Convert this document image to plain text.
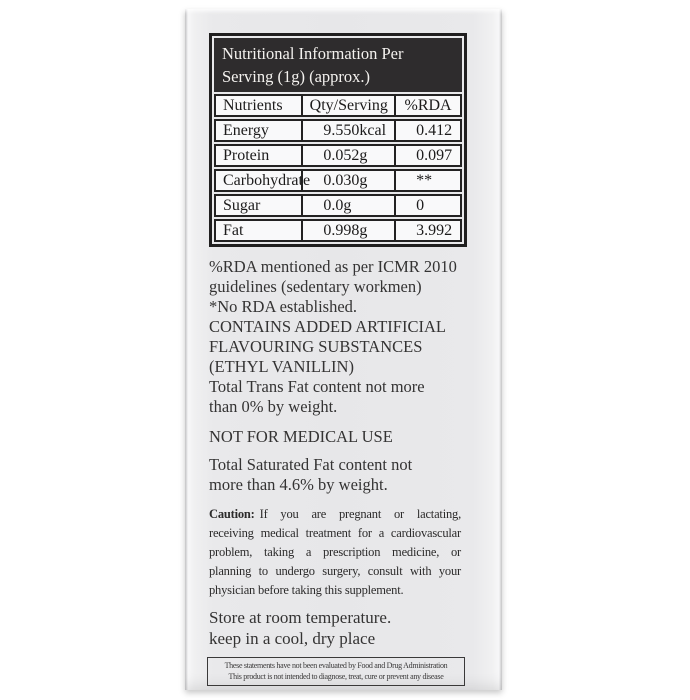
Nutritional Information Per
Serving (1g) (approx.)
Nutrients	Qty/Serving	%RDA
Energy	9.550kcal	0.412
Protein	0.052g	0.097
Carbohydrate 0.030g	**
Sugar	0.0g	0
Fat	0.998g	3.992
%RDA mentioned as per ICMR 2010
guidelines (sedentary workmen)
*No RDA established.
CONTAINS ADDED ARTIFICIAL
FLAVOURING SUBSTANCES
(ETHYL VANILLIN)
Total Trans Fat content not more
than 0% by weight.
NOT FOR MEDICAL USE
Total Saturated Fat content not
more than 4.6% by weight.
Caution: If you are pregnant or lactating,
receiving medical treatment for a cardiovascular
problem, taking a prescription medicine, or
planning to undergo surgery, consult with your
physician before taking this supplement.
Store at room temperature.
keep in a cool, dry place
These statements have not been evaluated by Food and Drug Administration
This product is not intended to diagnose, treat, cure or prevent any disease
